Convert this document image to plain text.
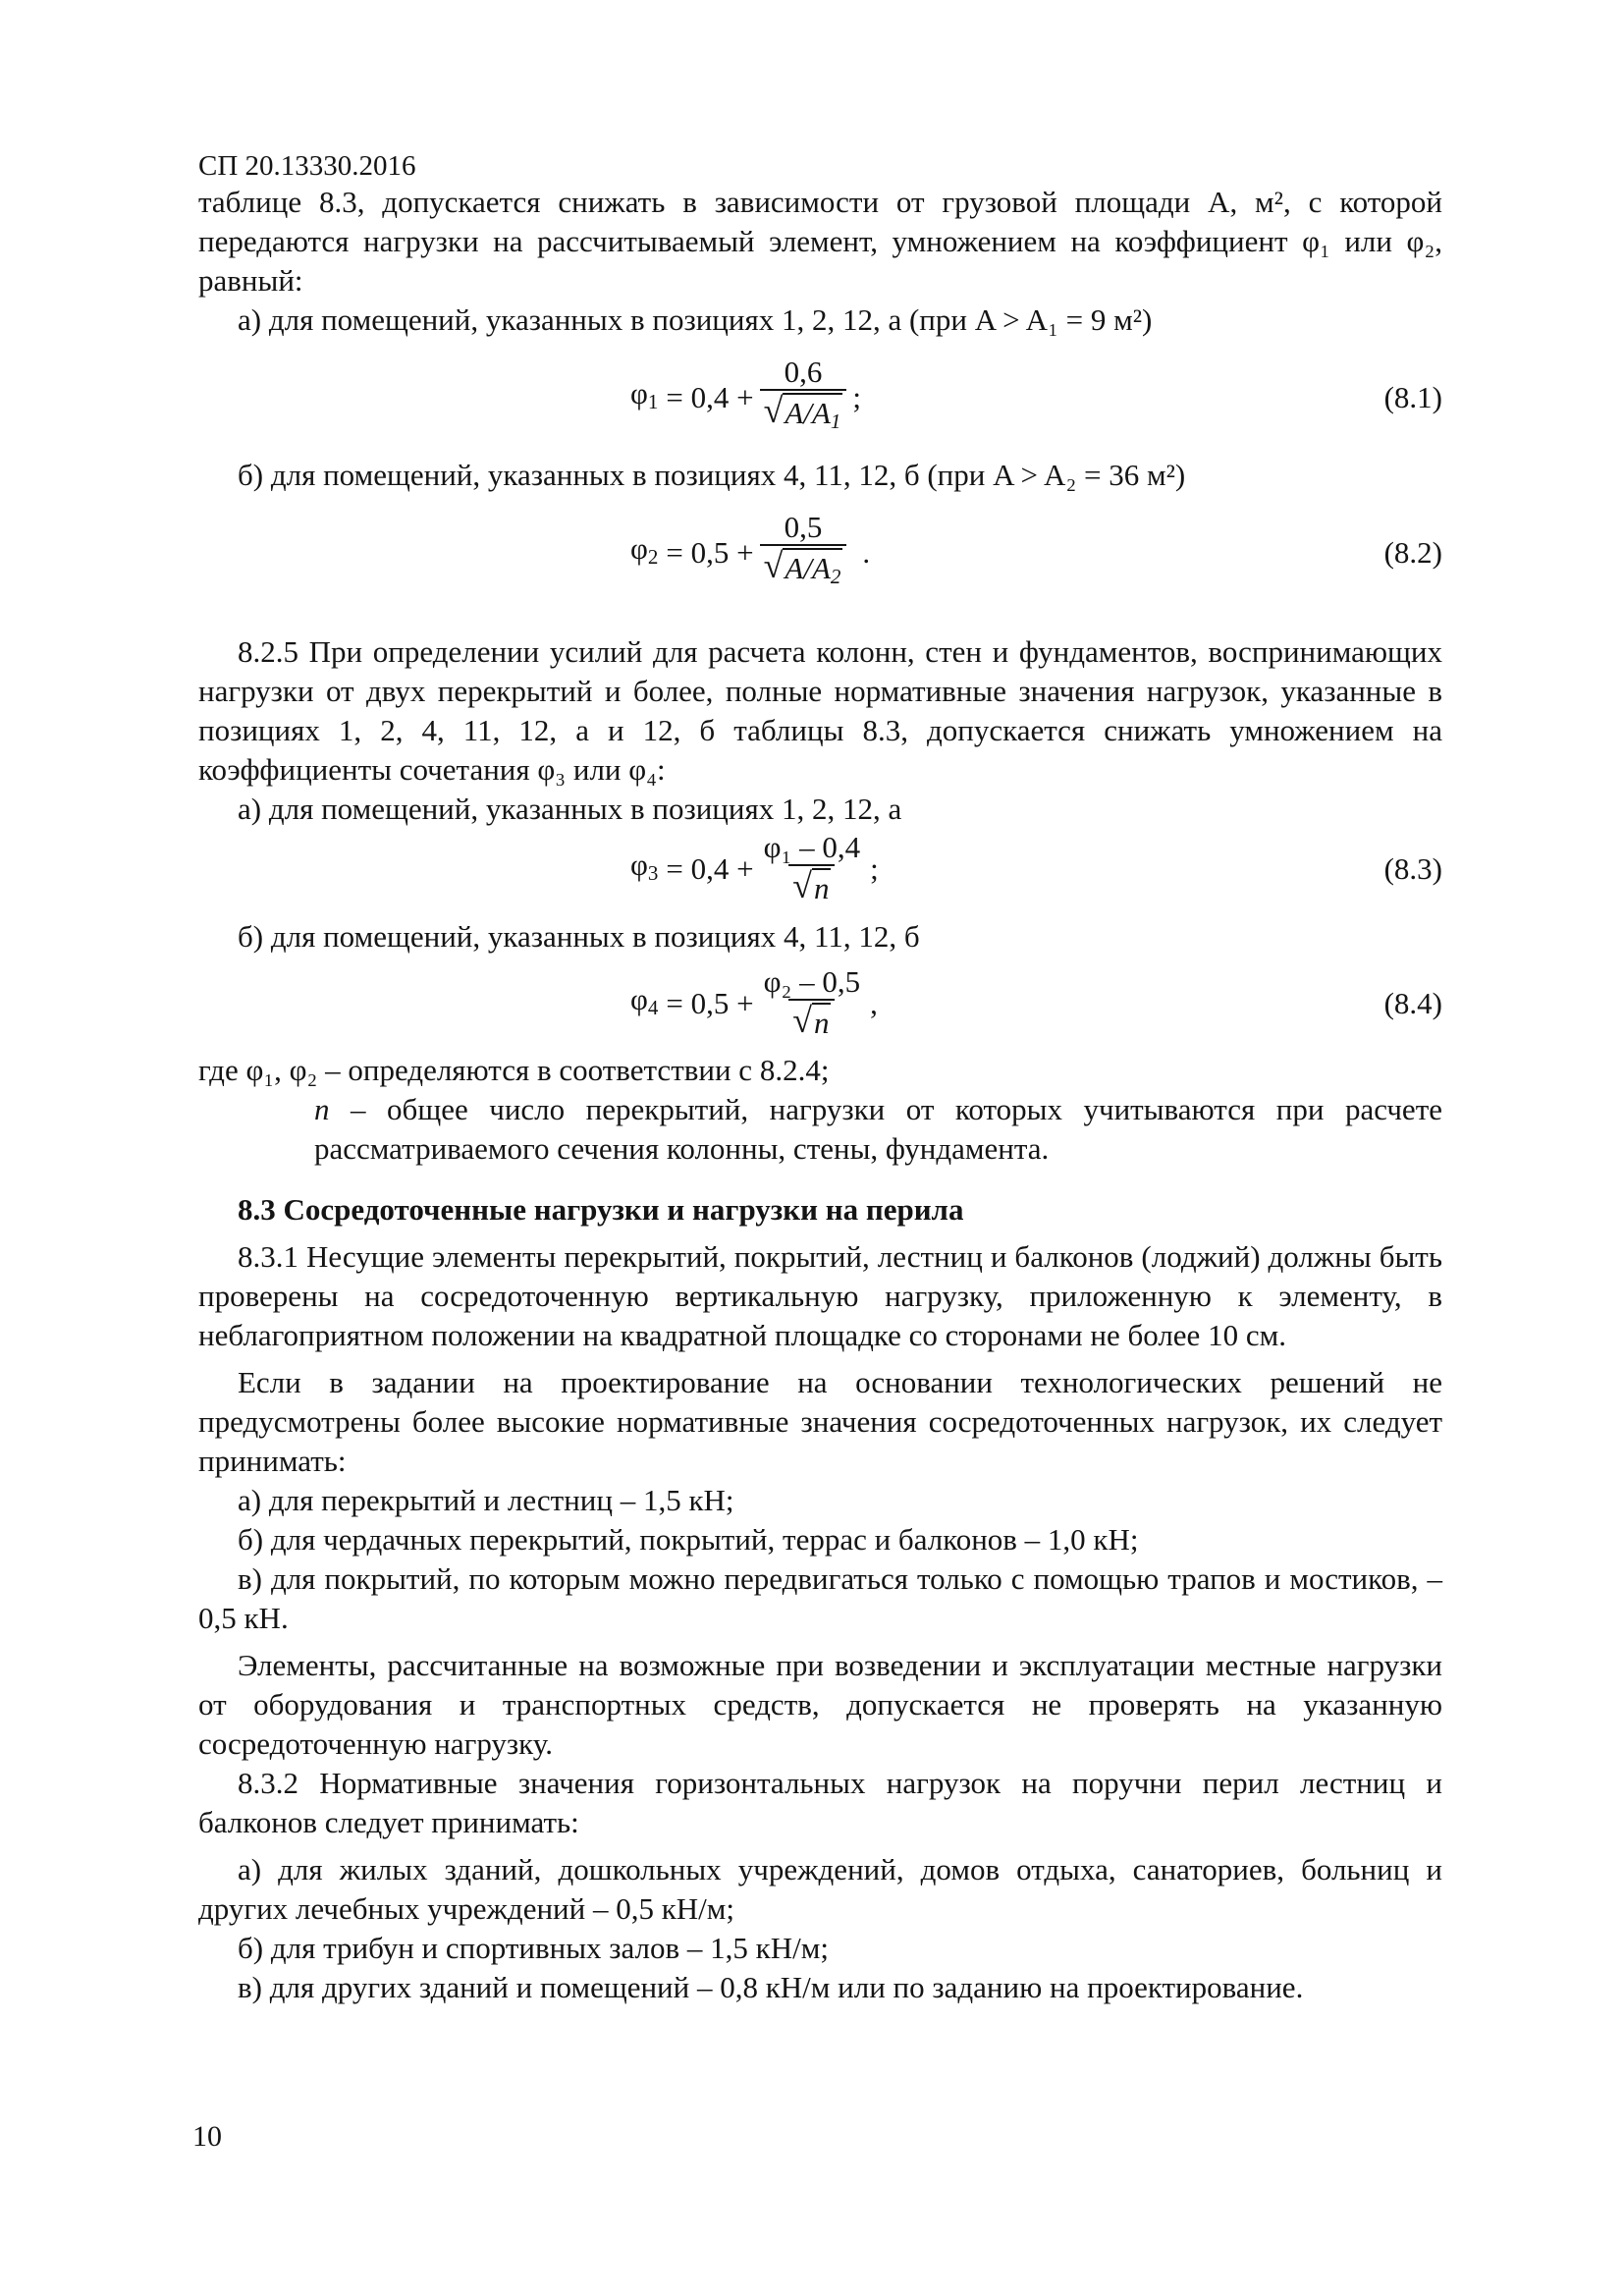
СП 20.13330.2016

таблице 8.3, допускается снижать в зависимости от грузовой площади A, м², с которой передаются нагрузки на рассчитываемый элемент, умножением на коэффициент φ₁ или φ₂, равный:

а) для помещений, указанных в позициях 1, 2, 12, а (при A > A₁ = 9 м²)

$\varphi 1 = 0,4 + \frac{0,6}{√ A/A1}$ ;	(8.1)

б) для помещений, указанных в позициях 4, 11, 12, б (при A > A₂ = 36 м²)

$\varphi 2 = 0,5 + \frac{0,5}{√ A/A2}$ .	(8.2)

8.2.5 При определении усилий для расчета колонн, стен и фундаментов, воспринимающих нагрузки от двух перекрытий и более, полные нормативные значения нагрузок, указанные в позициях 1, 2, 4, 11, 12, а и 12, б таблицы 8.3, допускается снижать умножением на коэффициенты сочетания φ₃ или φ₄:

а) для помещений, указанных в позициях 1, 2, 12, а

$\varphi 3 = 0,4 + \frac{\text{φ₁ – 0,4}}{√ n}$ ;	(8.3)

б) для помещений, указанных в позициях 4, 11, 12, б

$\varphi 4 = 0,5 + \frac{\text{φ₂ – 0,5}}{√ n}$ ,	(8.4)
где φ₁, φ₂ – определяются в соответствии с 8.2.4;
n – общее число перекрытий, нагрузки от которых учитываются при расчете рассматриваемого сечения колонны, стены, фундамента.
8.3 Сосредоточенные нагрузки и нагрузки на перила

8.3.1 Несущие элементы перекрытий, покрытий, лестниц и балконов (лоджий) должны быть проверены на сосредоточенную вертикальную нагрузку, приложенную к элементу, в неблагоприятном положении на квадратной площадке со сторонами не более 10 см.

Если в задании на проектирование на основании технологических решений не предусмотрены более высокие нормативные значения сосредоточенных нагрузок, их следует принимать:

а) для перекрытий и лестниц – 1,5 кН;

б) для чердачных перекрытий, покрытий, террас и балконов – 1,0 кН;

в) для покрытий, по которым можно передвигаться только с помощью трапов и мостиков, – 0,5 кН.

Элементы, рассчитанные на возможные при возведении и эксплуатации местные нагрузки от оборудования и транспортных средств, допускается не проверять на указанную сосредоточенную нагрузку.

8.3.2 Нормативные значения горизонтальных нагрузок на поручни перил лестниц и балконов следует принимать:

а) для жилых зданий, дошкольных учреждений, домов отдыха, санаториев, больниц и других лечебных учреждений – 0,5 кН/м;

б) для трибун и спортивных залов – 1,5 кН/м;

в) для других зданий и помещений – 0,8 кН/м или по заданию на проектирование.

10
